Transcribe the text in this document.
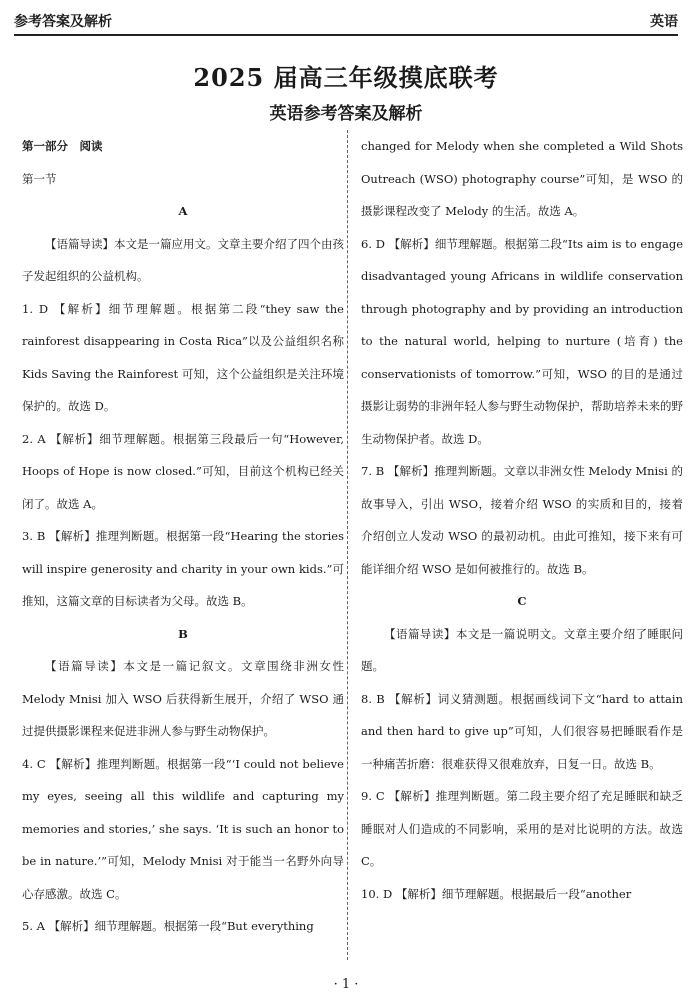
参考答案及解析	英语
2025 届高三年级摸底联考
英语参考答案及解析

第一部分　阅读

第一节

A

【语篇导读】本文是一篇应用文。文章主要介绍了四个由孩子发起组织的公益机构。

1. D 【解析】细节理解题。根据第二段“they saw the rainforest disappearing in Costa Rica”以及公益组织名称 Kids Saving the Rainforest 可知，这个公益组织是关注环境保护的。故选 D。

2. A 【解析】细节理解题。根据第三段最后一句“However, Hoops of Hope is now closed.”可知，目前这个机构已经关闭了。故选 A。

3. B 【解析】推理判断题。根据第一段“Hearing the stories will inspire generosity and charity in your own kids.”可推知，这篇文章的目标读者为父母。故选 B。

B

【语篇导读】本文是一篇记叙文。文章围绕非洲女性 Melody Mnisi 加入 WSO 后获得新生展开，介绍了 WSO 通过提供摄影课程来促进非洲人参与野生动物保护。

4. C 【解析】推理判断题。根据第一段“‘I could not believe my eyes, seeing all this wildlife and capturing my memories and stories,’ she says. ‘It is such an honor to be in nature.’”可知，Melody Mnisi 对于能当一名野外向导心存感激。故选 C。

5. A 【解析】细节理解题。根据第一段“But everything

changed for Melody when she completed a Wild Shots Outreach (WSO) photography course”可知，是 WSO 的摄影课程改变了 Melody 的生活。故选 A。

6. D 【解析】细节理解题。根据第二段“Its aim is to engage disadvantaged young Africans in wildlife conservation through photography and by providing an introduction to the natural world, helping to nurture (培育) the conservationists of tomorrow.”可知，WSO 的目的是通过摄影让弱势的非洲年轻人参与野生动物保护，帮助培养未来的野生动物保护者。故选 D。

7. B 【解析】推理判断题。文章以非洲女性 Melody Mnisi 的故事导入，引出 WSO，接着介绍 WSO 的实质和目的，接着介绍创立人发动 WSO 的最初动机。由此可推知，接下来有可能详细介绍 WSO 是如何被推行的。故选 B。

C

【语篇导读】本文是一篇说明文。文章主要介绍了睡眠问题。

8. B 【解析】词义猜测题。根据画线词下文“hard to attain and then hard to give up”可知，人们很容易把睡眠看作是一种痛苦折磨：很难获得又很难放弃，日复一日。故选 B。

9. C 【解析】推理判断题。第二段主要介绍了充足睡眠和缺乏睡眠对人们造成的不同影响，采用的是对比说明的方法。故选 C。

10. D 【解析】细节理解题。根据最后一段“another

· 1 ·
